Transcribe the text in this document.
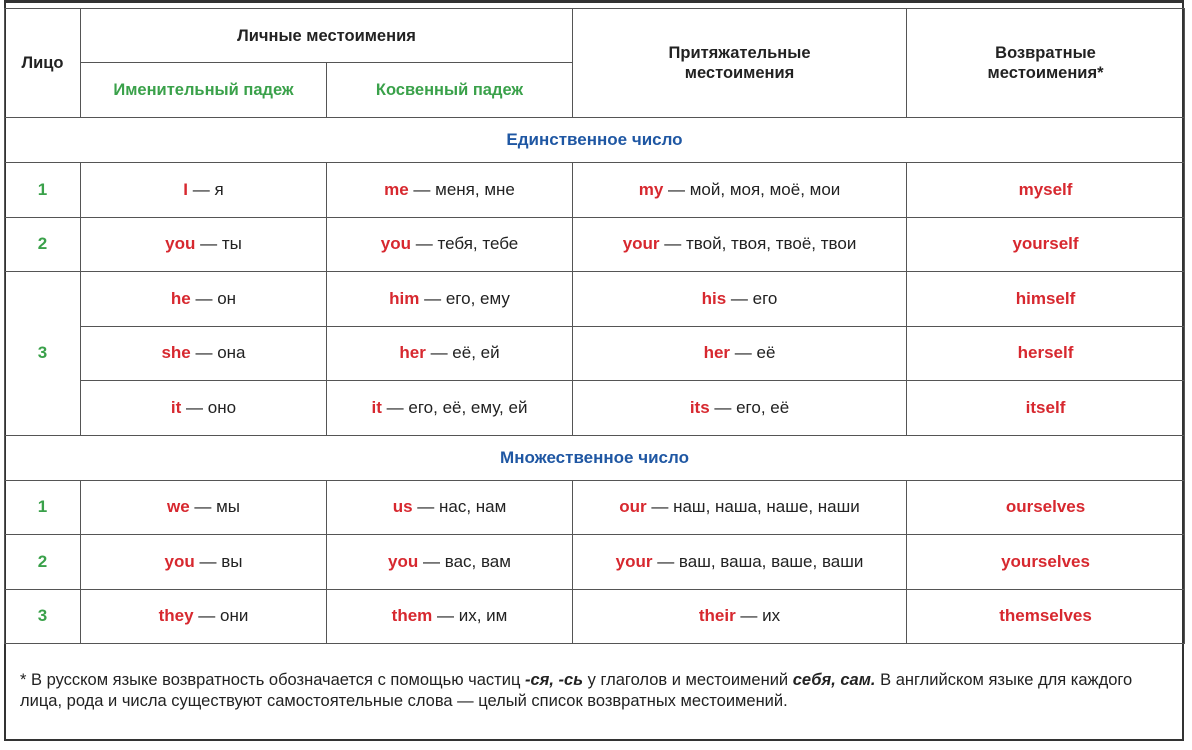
Лицо	Личные местоимения		Притяжательные местоимения	Возвратные местоимения*
	Именительный падеж	Косвенный падеж		
Единственное число				
1	I — я	me — меня, мне	my — мой, моя, моё, мои	myself
2	you — ты	you — тебя, тебе	your — твой, твоя, твоё, твои	yourself
3	he — он	him — его, ему	his — его	himself
	she — она	her — её, ей	her — её	herself
	it — оно	it — его, её, ему, ей	its — его, её	itself
Множественное число				
1	we — мы	us — нас, нам	our — наш, наша, наше, наши	ourselves
2	you — вы	you — вас, вам	your — ваш, ваша, ваше, ваши	yourselves
3	they — они	them — их, им	their — их	themselves
* В русском языке возвратность обозначается с помощью частиц -ся, -сь у глаголов и местоимений себя, сам. В английском языке для каждого лица, рода и числа существуют самостоятельные слова — целый список возвратных местоимений.
